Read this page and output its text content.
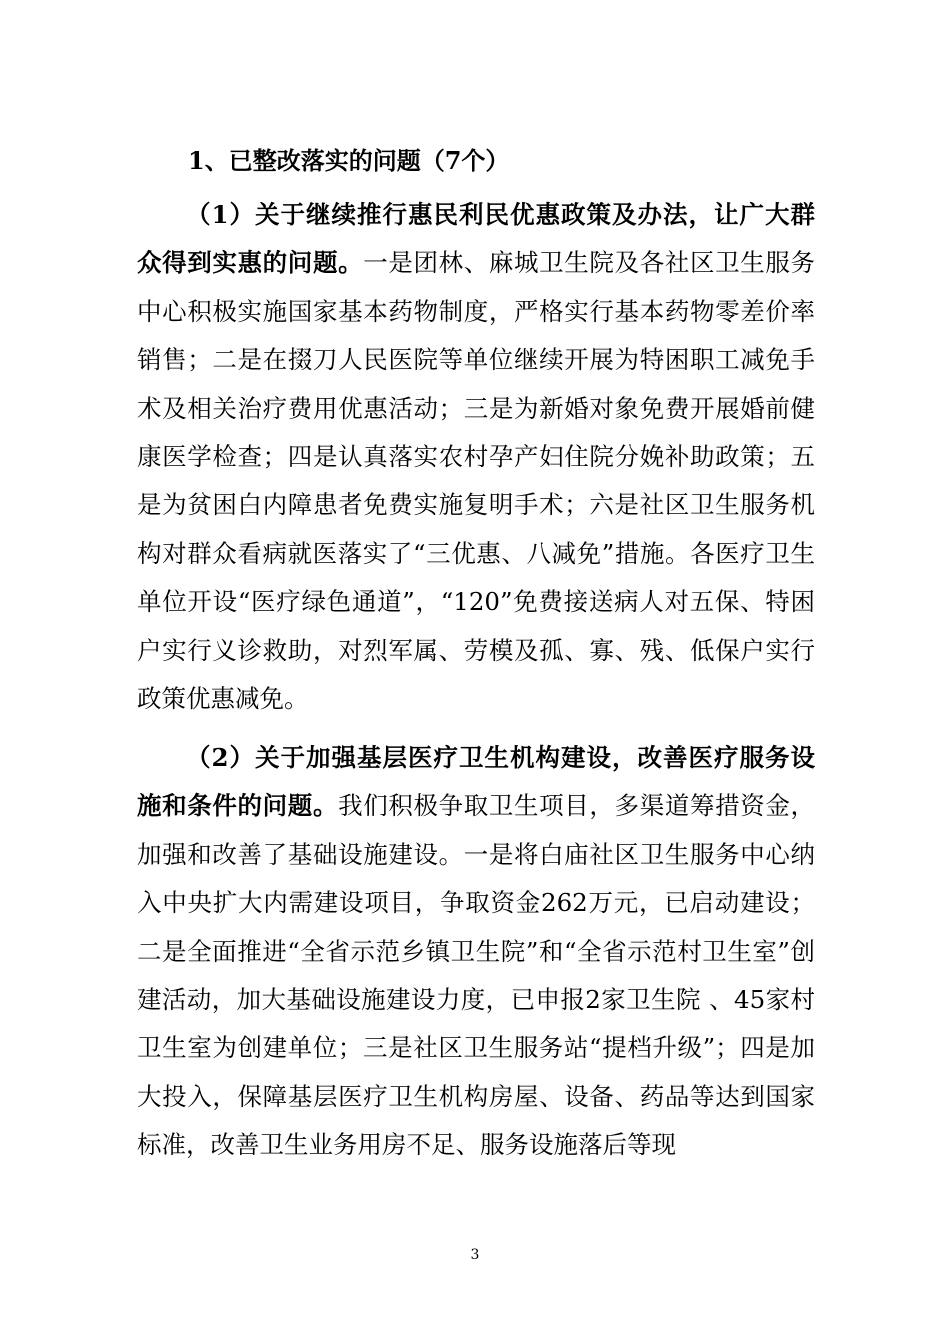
1、已整改落实的问题（7个）

（1）关于继续推行惠民利民优惠政策及办法，让广大群众得到实惠的问题。一是团林、麻城卫生院及各社区卫生服务中心积极实施国家基本药物制度，严格实行基本药物零差价率销售；二是在掇刀人民医院等单位继续开展为特困职工减免手术及相关治疗费用优惠活动；三是为新婚对象免费开展婚前健康医学检查；四是认真落实农村孕产妇住院分娩补助政策；五是为贫困白内障患者免费实施复明手术；六是社区卫生服务机构对群众看病就医落实了“三优惠、八减免”措施。各医疗卫生单位开设“医疗绿色通道”，“120”免费接送病人对五保、特困户实行义诊救助，对烈军属、劳模及孤、寡、残、低保户实行政策优惠减免。

（2）关于加强基层医疗卫生机构建设，改善医疗服务设施和条件的问题。我们积极争取卫生项目，多渠道筹措资金，加强和改善了基础设施建设。一是将白庙社区卫生服务中心纳入中央扩大内需建设项目，争取资金262万元，已启动建设；二是全面推进“全省示范乡镇卫生院”和“全省示范村卫生室”创建活动，加大基础设施建设力度，已申报2家卫生院 、45家村卫生室为创建单位；三是社区卫生服务站“提档升级”；四是加大投入，保障基层医疗卫生机构房屋、设备、药品等达到国家标准，改善卫生业务用房不足、服务设施落后等现

3
